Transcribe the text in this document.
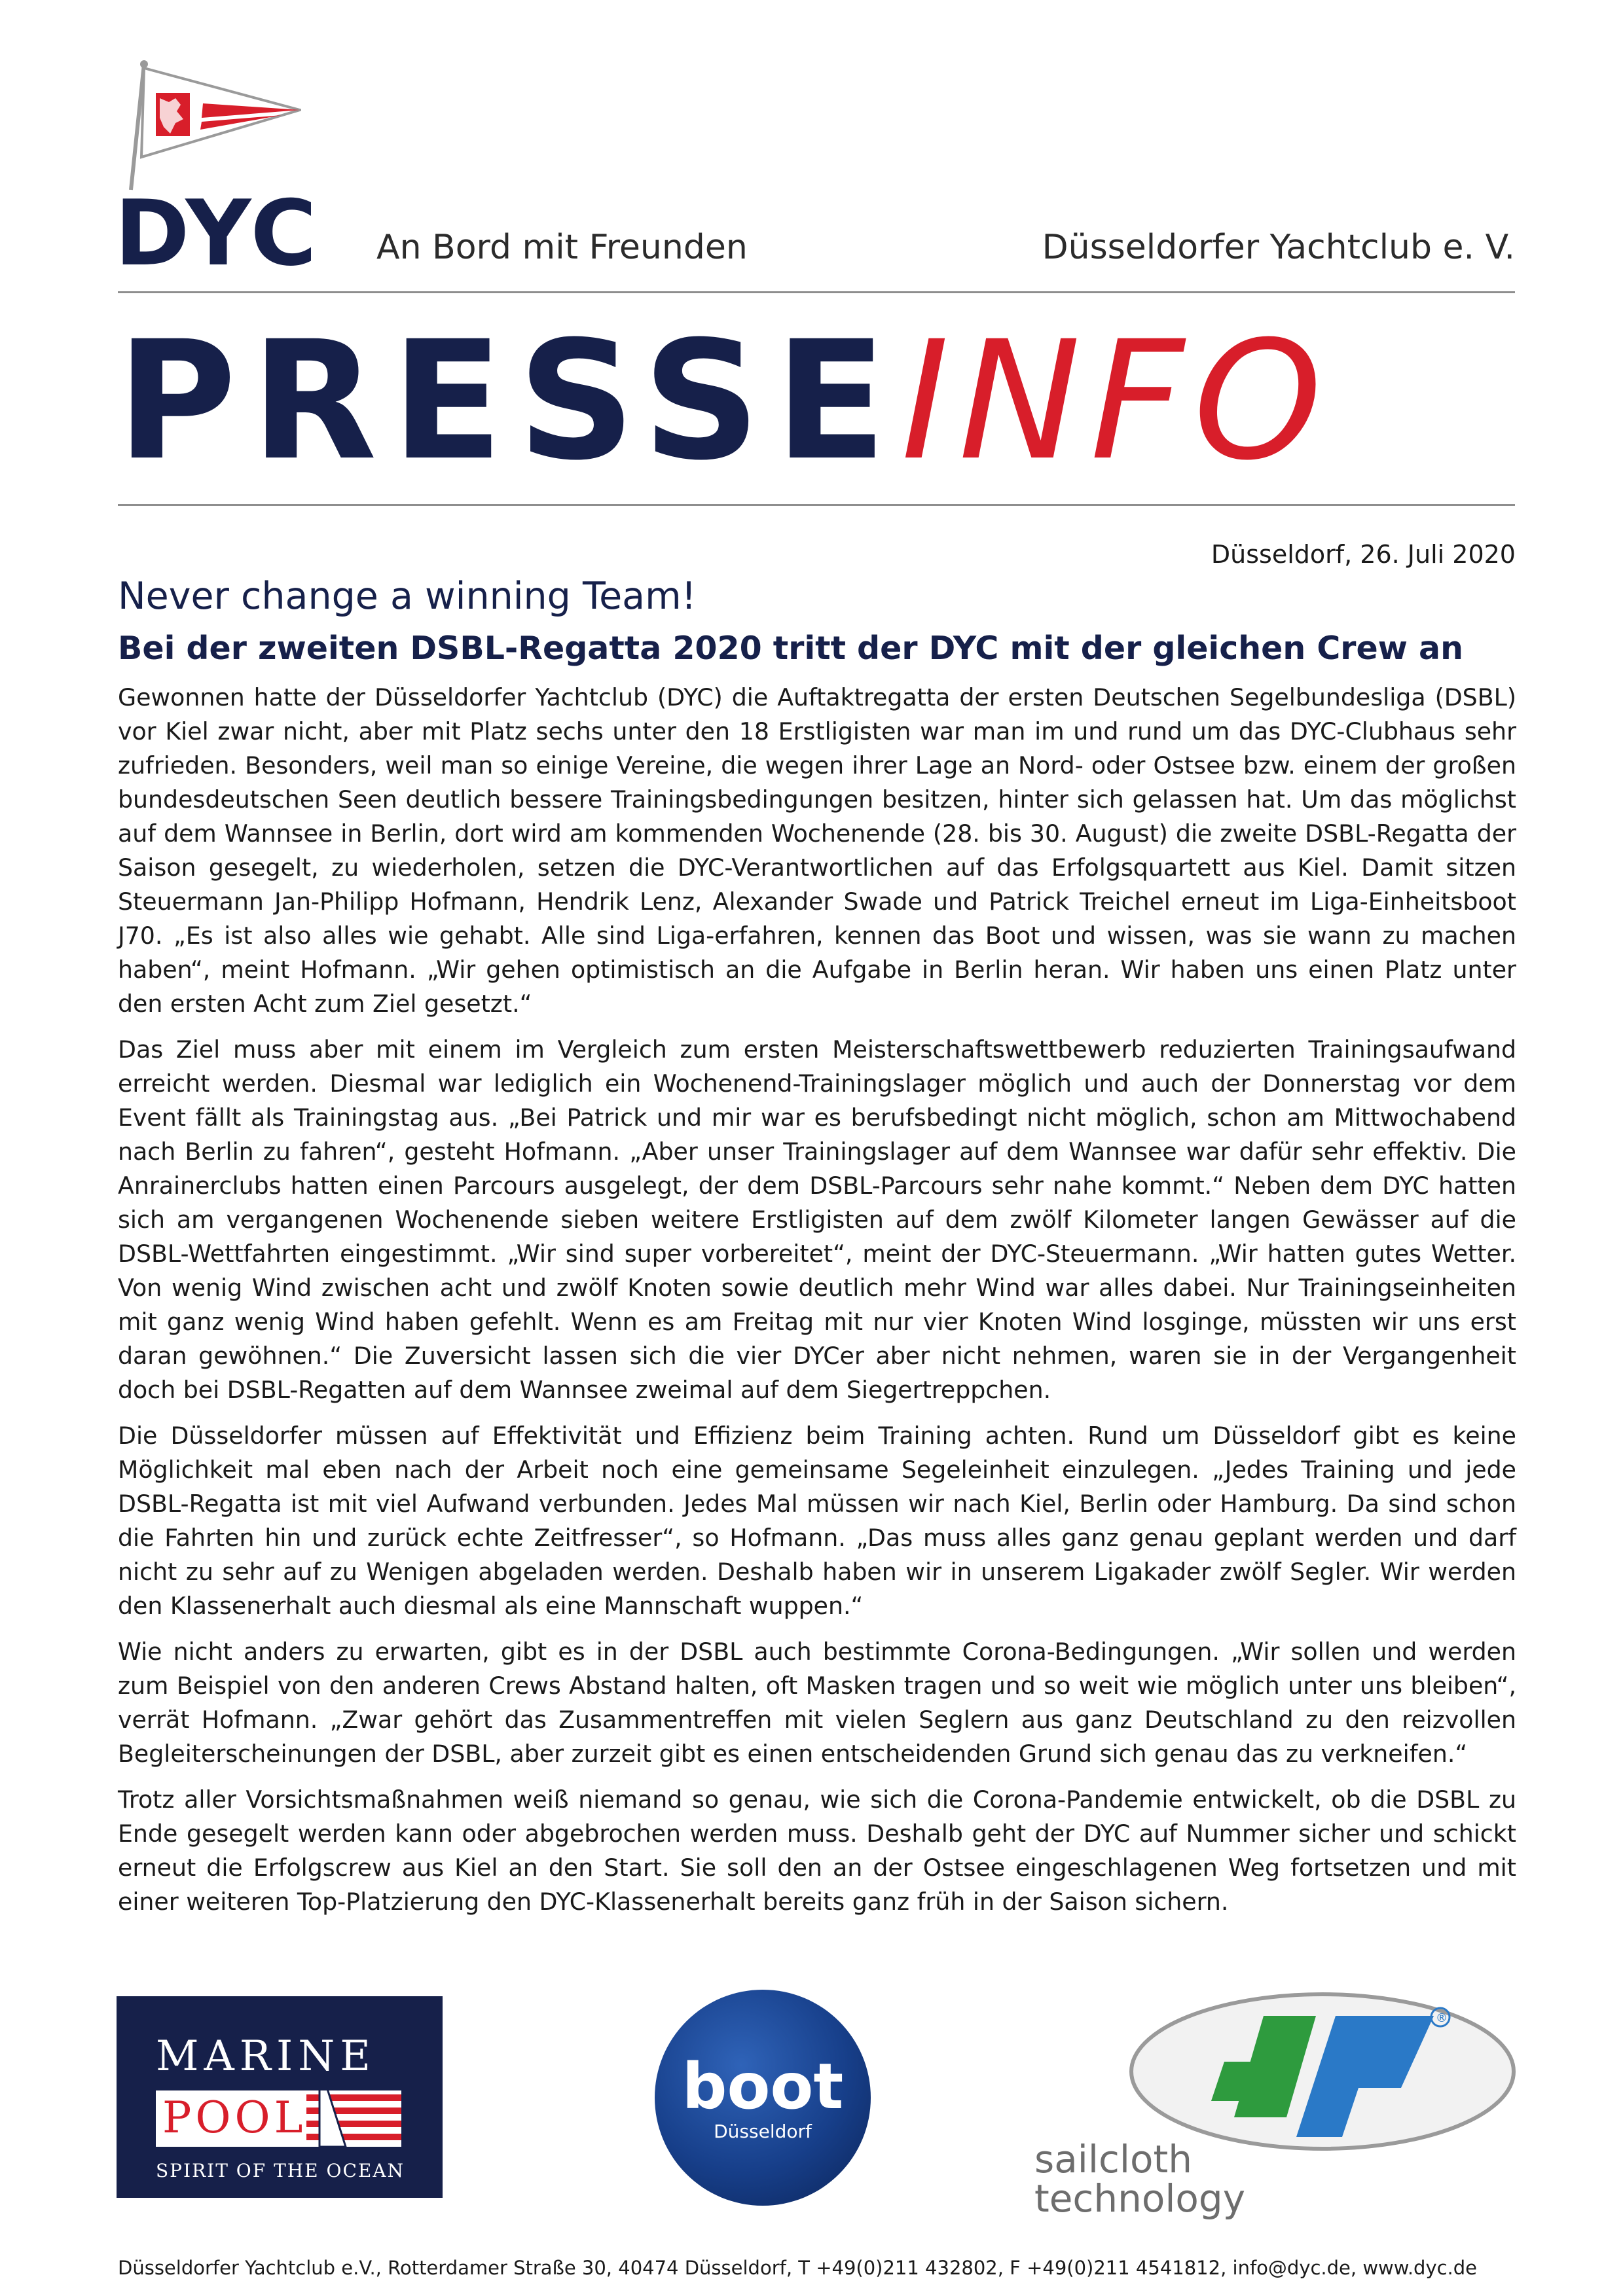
DYC An Bord mit Freunden	Düsseldorfer Yachtclub e. V.
PRESSEINFO
Düsseldorf, 26. Juli 2020
Never change a winning Team!
Bei der zweiten DSBL-Regatta 2020 tritt der DYC mit der gleichen Crew an

Gewonnen hatte der Düsseldorfer Yachtclub (DYC) die Auftaktregatta der ersten Deutschen Segelbundesliga (DSBL) vor Kiel zwar nicht, aber mit Platz sechs unter den 18 Erstligisten war man im und rund um das DYC-Clubhaus sehr zufrieden. Besonders, weil man so einige Vereine, die wegen ihrer Lage an Nord- oder Ostsee bzw. einem der großen bundesdeutschen Seen deutlich bessere Trainingsbedingungen besitzen, hinter sich gelassen hat. Um das möglichst auf dem Wannsee in Berlin, dort wird am kommenden Wochenende (28. bis 30. August) die zweite DSBL-Regatta der Saison gesegelt, zu wiederholen, setzen die DYC-Verantwortlichen auf das Erfolgsquartett aus Kiel. Damit sitzen Steuermann Jan-Philipp Hofmann, Hendrik Lenz, Alexander Swade und Patrick Treichel erneut im Liga-Einheitsboot J70. „Es ist also alles wie gehabt. Alle sind Liga-erfahren, kennen das Boot und wissen, was sie wann zu machen haben“, meint Hofmann. „Wir gehen optimistisch an die Aufgabe in Berlin heran. Wir haben uns einen Platz unter den ersten Acht zum Ziel gesetzt.“

Das Ziel muss aber mit einem im Vergleich zum ersten Meisterschaftswettbewerb reduzierten Trainingsaufwand erreicht werden. Diesmal war lediglich ein Wochenend-Trainingslager möglich und auch der Donnerstag vor dem Event fällt als Trainingstag aus. „Bei Patrick und mir war es berufsbedingt nicht möglich, schon am Mittwochabend nach Berlin zu fahren“, gesteht Hofmann. „Aber unser Trainingslager auf dem Wannsee war dafür sehr effektiv. Die Anrainerclubs hatten einen Parcours ausgelegt, der dem DSBL-Parcours sehr nahe kommt.“ Neben dem DYC hatten sich am vergangenen Wochenende sieben weitere Erstligisten auf dem zwölf Kilometer langen Gewässer auf die DSBL-Wettfahrten eingestimmt. „Wir sind super vorbereitet“, meint der DYC-Steuermann. „Wir hatten gutes Wetter. Von wenig Wind zwischen acht und zwölf Knoten sowie deutlich mehr Wind war alles dabei. Nur Trainingseinheiten mit ganz wenig Wind haben gefehlt. Wenn es am Freitag mit nur vier Knoten Wind losginge, müssten wir uns erst daran gewöhnen.“ Die Zuversicht lassen sich die vier DYCer aber nicht nehmen, waren sie in der Vergangenheit doch bei DSBL-Regatten auf dem Wannsee zweimal auf dem Siegertreppchen.

Die Düsseldorfer müssen auf Effektivität und Effizienz beim Training achten. Rund um Düsseldorf gibt es keine Möglichkeit mal eben nach der Arbeit noch eine gemeinsame Segeleinheit einzulegen. „Jedes Training und jede DSBL-Regatta ist mit viel Aufwand verbunden. Jedes Mal müssen wir nach Kiel, Berlin oder Hamburg. Da sind schon die Fahrten hin und zurück echte Zeitfresser“, so Hofmann. „Das muss alles ganz genau geplant werden und darf nicht zu sehr auf zu Wenigen abgeladen werden. Deshalb haben wir in unserem Ligakader zwölf Segler. Wir werden den Klassenerhalt auch diesmal als eine Mannschaft wuppen.“

Wie nicht anders zu erwarten, gibt es in der DSBL auch bestimmte Corona-Bedingungen. „Wir sollen und werden zum Beispiel von den anderen Crews Abstand halten, oft Masken tragen und so weit wie möglich unter uns bleiben“, verrät Hofmann. „Zwar gehört das Zusammentreffen mit vielen Seglern aus ganz Deutschland zu den reizvollen Begleiterscheinungen der DSBL, aber zurzeit gibt es einen entscheidenden Grund sich genau das zu verkneifen.“

Trotz aller Vorsichtsmaßnahmen weiß niemand so genau, wie sich die Corona-Pandemie entwickelt, ob die DSBL zu Ende gesegelt werden kann oder abgebrochen werden muss. Deshalb geht der DYC auf Nummer sicher und schickt erneut die Erfolgscrew aus Kiel an den Start. Sie soll den an der Ostsee eingeschlagenen Weg fortsetzen und mit einer weiteren Top-Platzierung den DYC-Klassenerhalt bereits ganz früh in der Saison sichern.

MARINE
POOL
SPIRIT OF THE OCEAN
boot
Düsseldorf
®
dp
sailcloth
technology
Düsseldorfer Yachtclub e.V., Rotterdamer Straße 30, 40474 Düsseldorf, T +49(0)211 432802, F +49(0)211 4541812, info@dyc.de, www.dyc.de
